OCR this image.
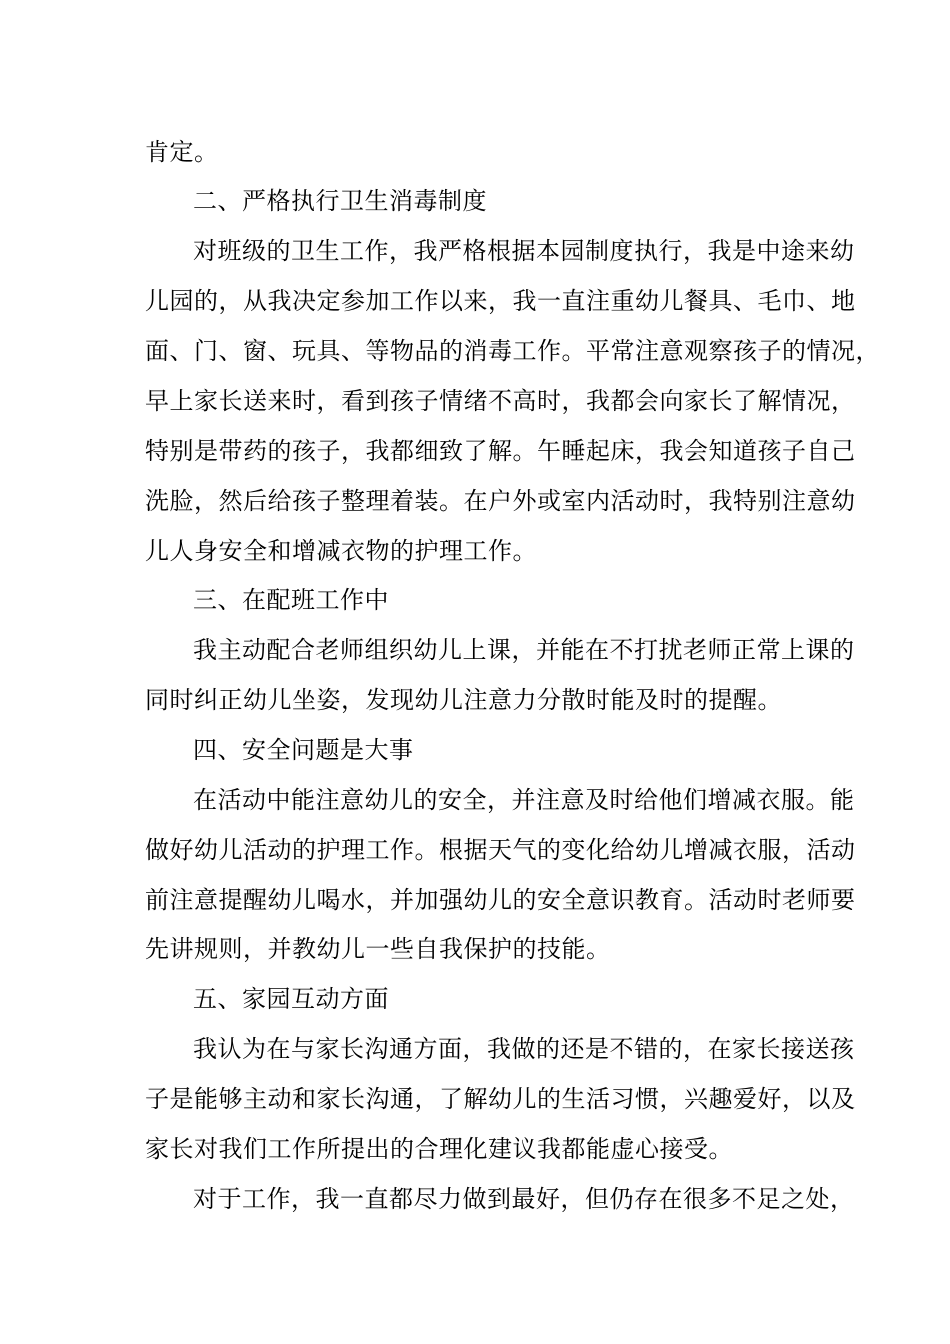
肯定。
二、严格执行卫生消毒制度
对班级的卫生工作，我严格根据本园制度执行，我是中途来幼
儿园的，从我决定参加工作以来，我一直注重幼儿餐具、毛巾、地
面、门、窗、玩具、等物品的消毒工作。平常注意观察孩子的情况，
早上家长送来时，看到孩子情绪不高时，我都会向家长了解情况，
特别是带药的孩子，我都细致了解。午睡起床，我会知道孩子自己
洗脸，然后给孩子整理着装。在户外或室内活动时，我特别注意幼
儿人身安全和增减衣物的护理工作。
三、在配班工作中
我主动配合老师组织幼儿上课，并能在不打扰老师正常上课的
同时纠正幼儿坐姿，发现幼儿注意力分散时能及时的提醒。
四、安全问题是大事
在活动中能注意幼儿的安全，并注意及时给他们增减衣服。能
做好幼儿活动的护理工作。根据天气的变化给幼儿增减衣服，活动
前注意提醒幼儿喝水，并加强幼儿的安全意识教育。活动时老师要
先讲规则，并教幼儿一些自我保护的技能。
五、家园互动方面
我认为在与家长沟通方面，我做的还是不错的，在家长接送孩
子是能够主动和家长沟通，了解幼儿的生活习惯，兴趣爱好，以及
家长对我们工作所提出的合理化建议我都能虚心接受。
对于工作，我一直都尽力做到最好，但仍存在很多不足之处，
